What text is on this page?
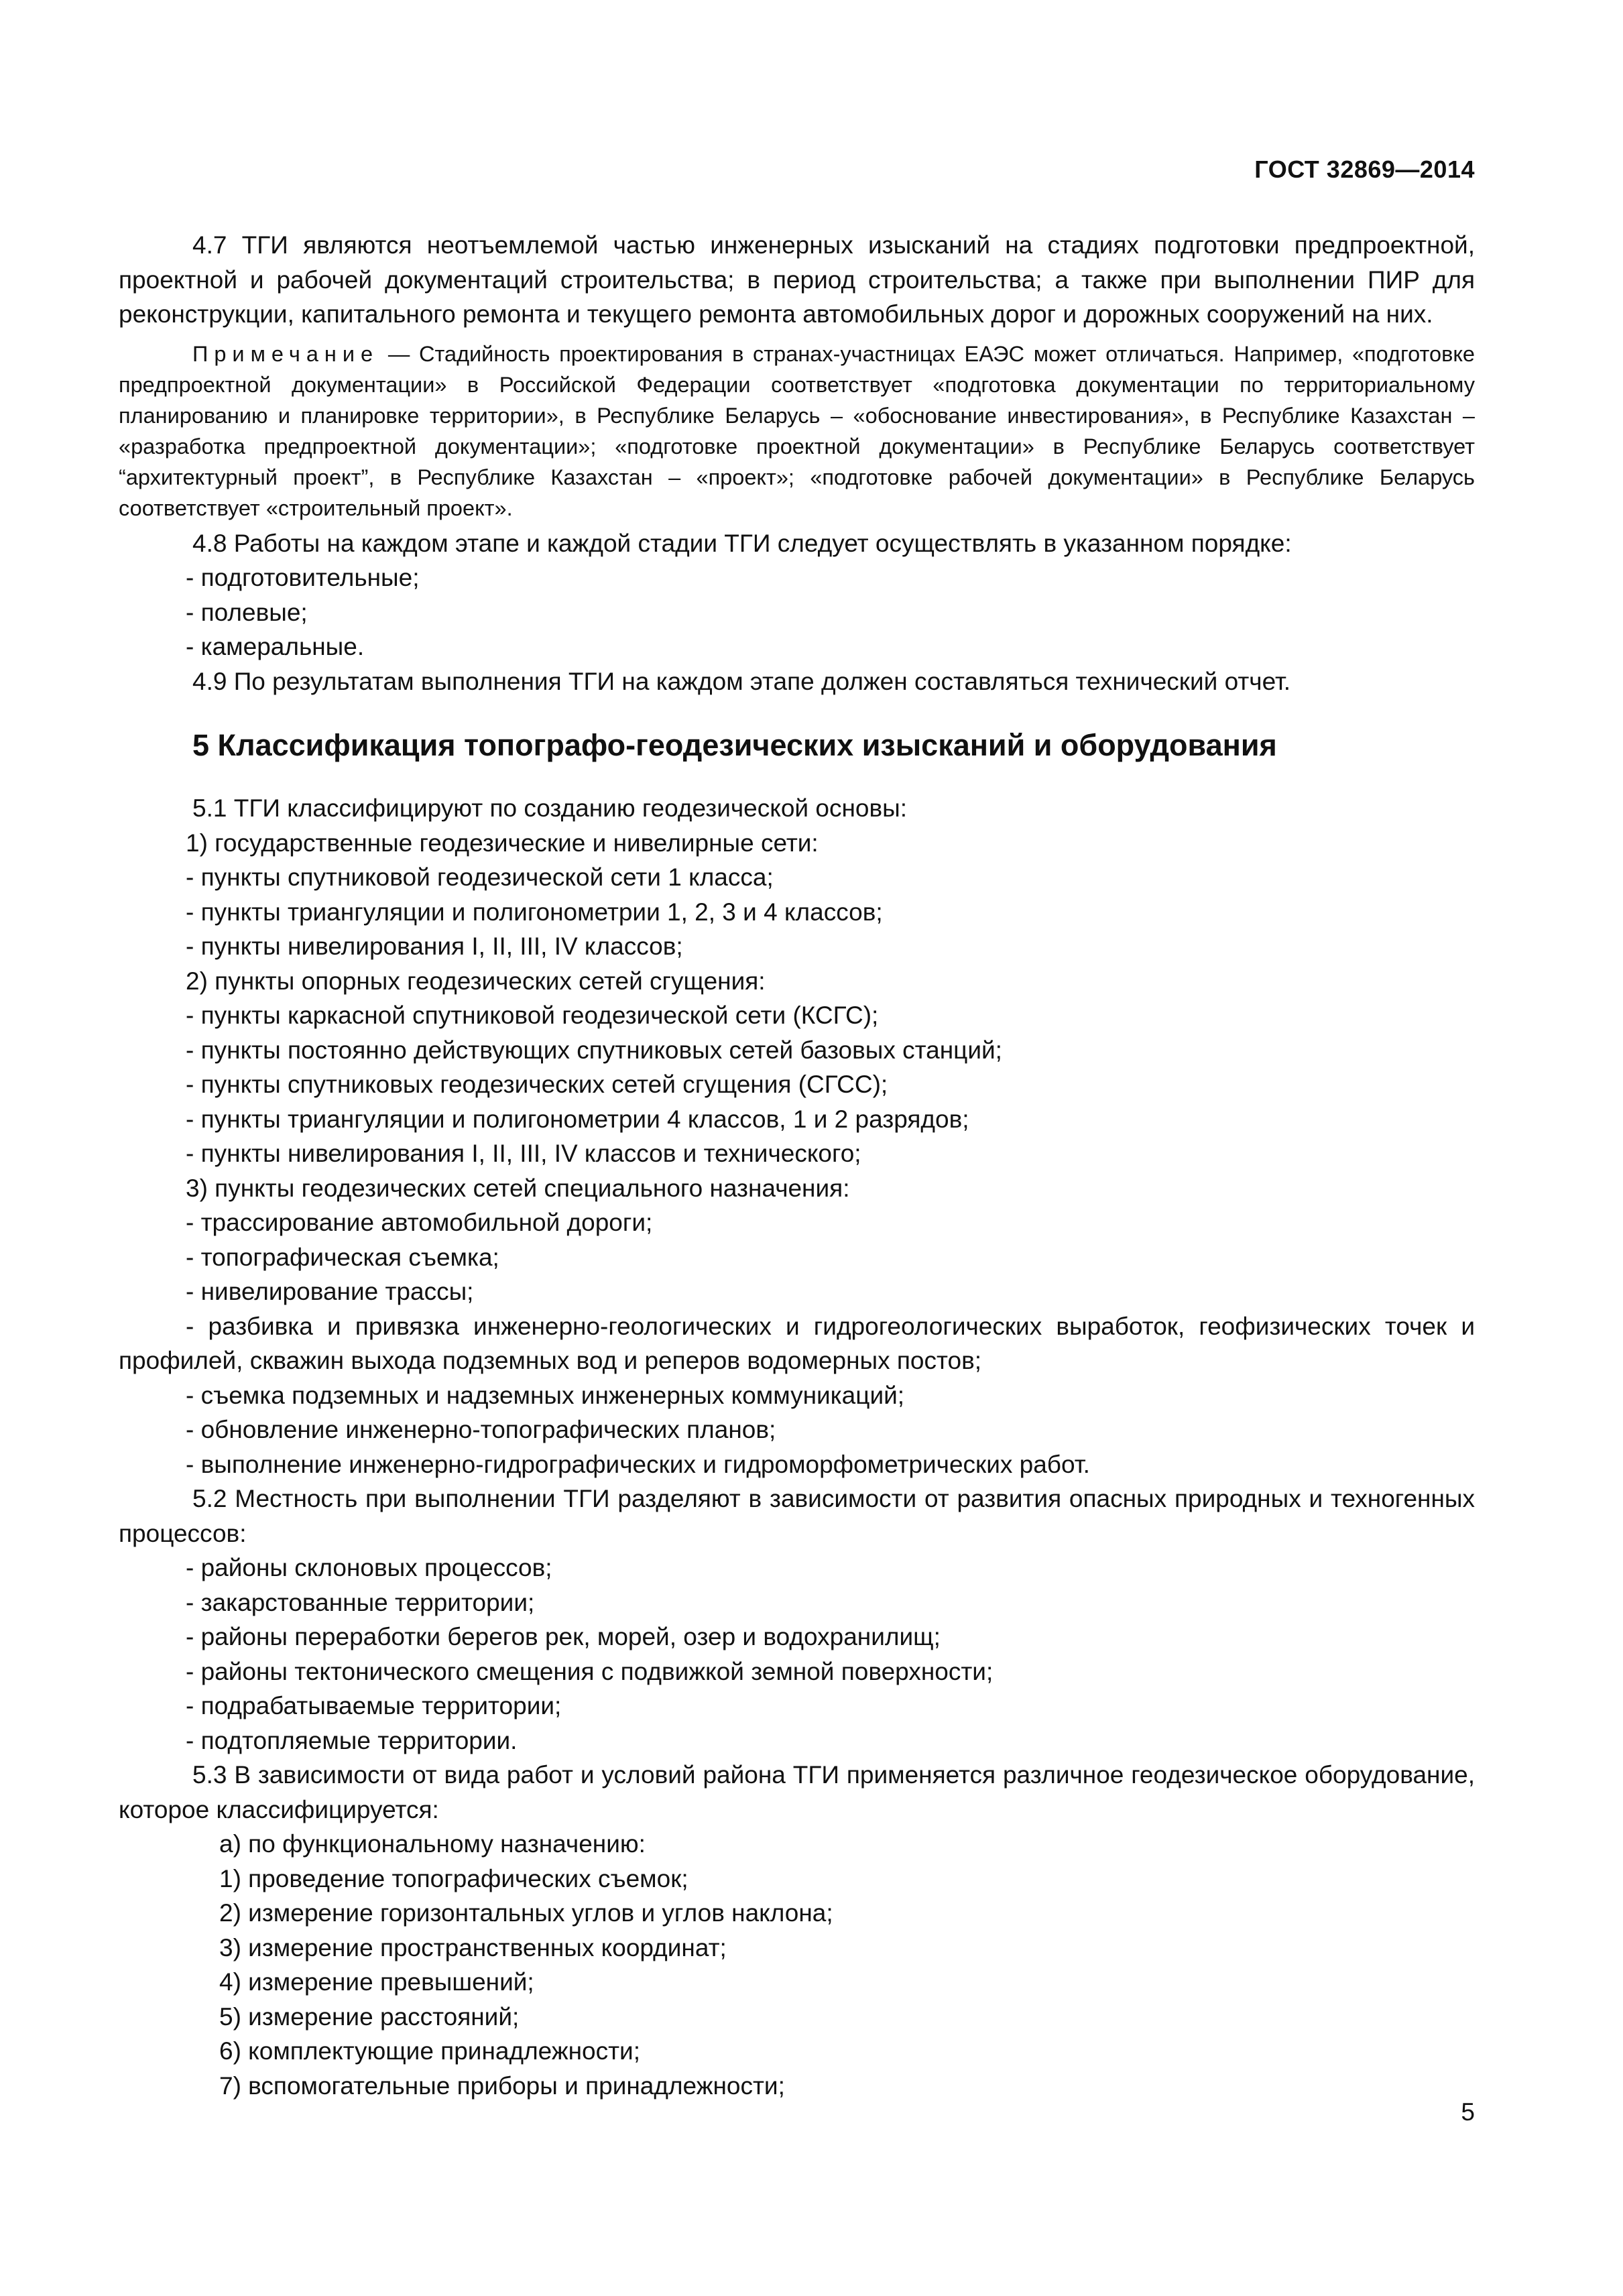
ГОСТ 32869—2014

4.7 ТГИ являются неотъемлемой частью инженерных изысканий на стадиях подготовки предпроектной, проектной и рабочей документаций строительства; в период строительства; а также при выполнении ПИР для реконструкции, капитального ремонта и текущего ремонта автомобильных дорог и дорожных сооружений на них.

Примечание — Стадийность проектирования в странах-участницах ЕАЭС может отличаться. Например, «подготовке предпроектной документации» в Российской Федерации соответствует «подготовка документации по территориальному планированию и планировке территории», в Республике Беларусь – «обоснование инвестирования», в Республике Казахстан – «разработка предпроектной документации»; «подготовке проектной документации» в Республике Беларусь соответствует “архитектурный проект”, в Республике Казахстан – «проект»; «подготовке рабочей документации» в Республике Беларусь соответствует «строительный проект».

4.8 Работы на каждом этапе и каждой стадии ТГИ следует осуществлять в указанном порядке:

- подготовительные;

- полевые;

- камеральные.

4.9 По результатам выполнения ТГИ на каждом этапе должен составляться технический отчет.

5 Классификация топографо-геодезических изысканий и оборудования

5.1 ТГИ классифицируют по созданию геодезической основы:

1) государственные геодезические и нивелирные сети:

- пункты спутниковой геодезической сети 1 класса;

- пункты триангуляции и полигонометрии 1, 2, 3 и 4 классов;

- пункты нивелирования I, II, III, IV классов;

2) пункты опорных геодезических сетей сгущения:

- пункты каркасной спутниковой геодезической сети (КСГС);

- пункты постоянно действующих спутниковых сетей базовых станций;

- пункты спутниковых геодезических сетей сгущения (СГСС);

- пункты триангуляции и полигонометрии 4 классов, 1 и 2 разрядов;

- пункты нивелирования I, II, III, IV классов и технического;

3) пункты геодезических сетей специального назначения:

- трассирование автомобильной дороги;

- топографическая съемка;

- нивелирование трассы;

- разбивка и привязка инженерно-геологических и гидрогеологических выработок, геофизических точек и профилей, скважин выхода подземных вод и реперов водомерных постов;

- съемка подземных и надземных инженерных коммуникаций;

- обновление инженерно-топографических планов;

- выполнение инженерно-гидрографических и гидроморфометрических работ.

5.2 Местность при выполнении ТГИ разделяют в зависимости от развития опасных природных и техногенных процессов:

- районы склоновых процессов;

- закарстованные территории;

- районы переработки берегов рек, морей, озер и водохранилищ;

- районы тектонического смещения с подвижкой земной поверхности;

- подрабатываемые территории;

- подтопляемые территории.

5.3 В зависимости от вида работ и условий района ТГИ применяется различное геодезическое оборудование, которое классифицируется:

а) по функциональному назначению:

1) проведение топографических съемок;

2) измерение горизонтальных углов и углов наклона;

3) измерение пространственных координат;

4) измерение превышений;

5) измерение расстояний;

6) комплектующие принадлежности;

7) вспомогательные приборы и принадлежности;

5
